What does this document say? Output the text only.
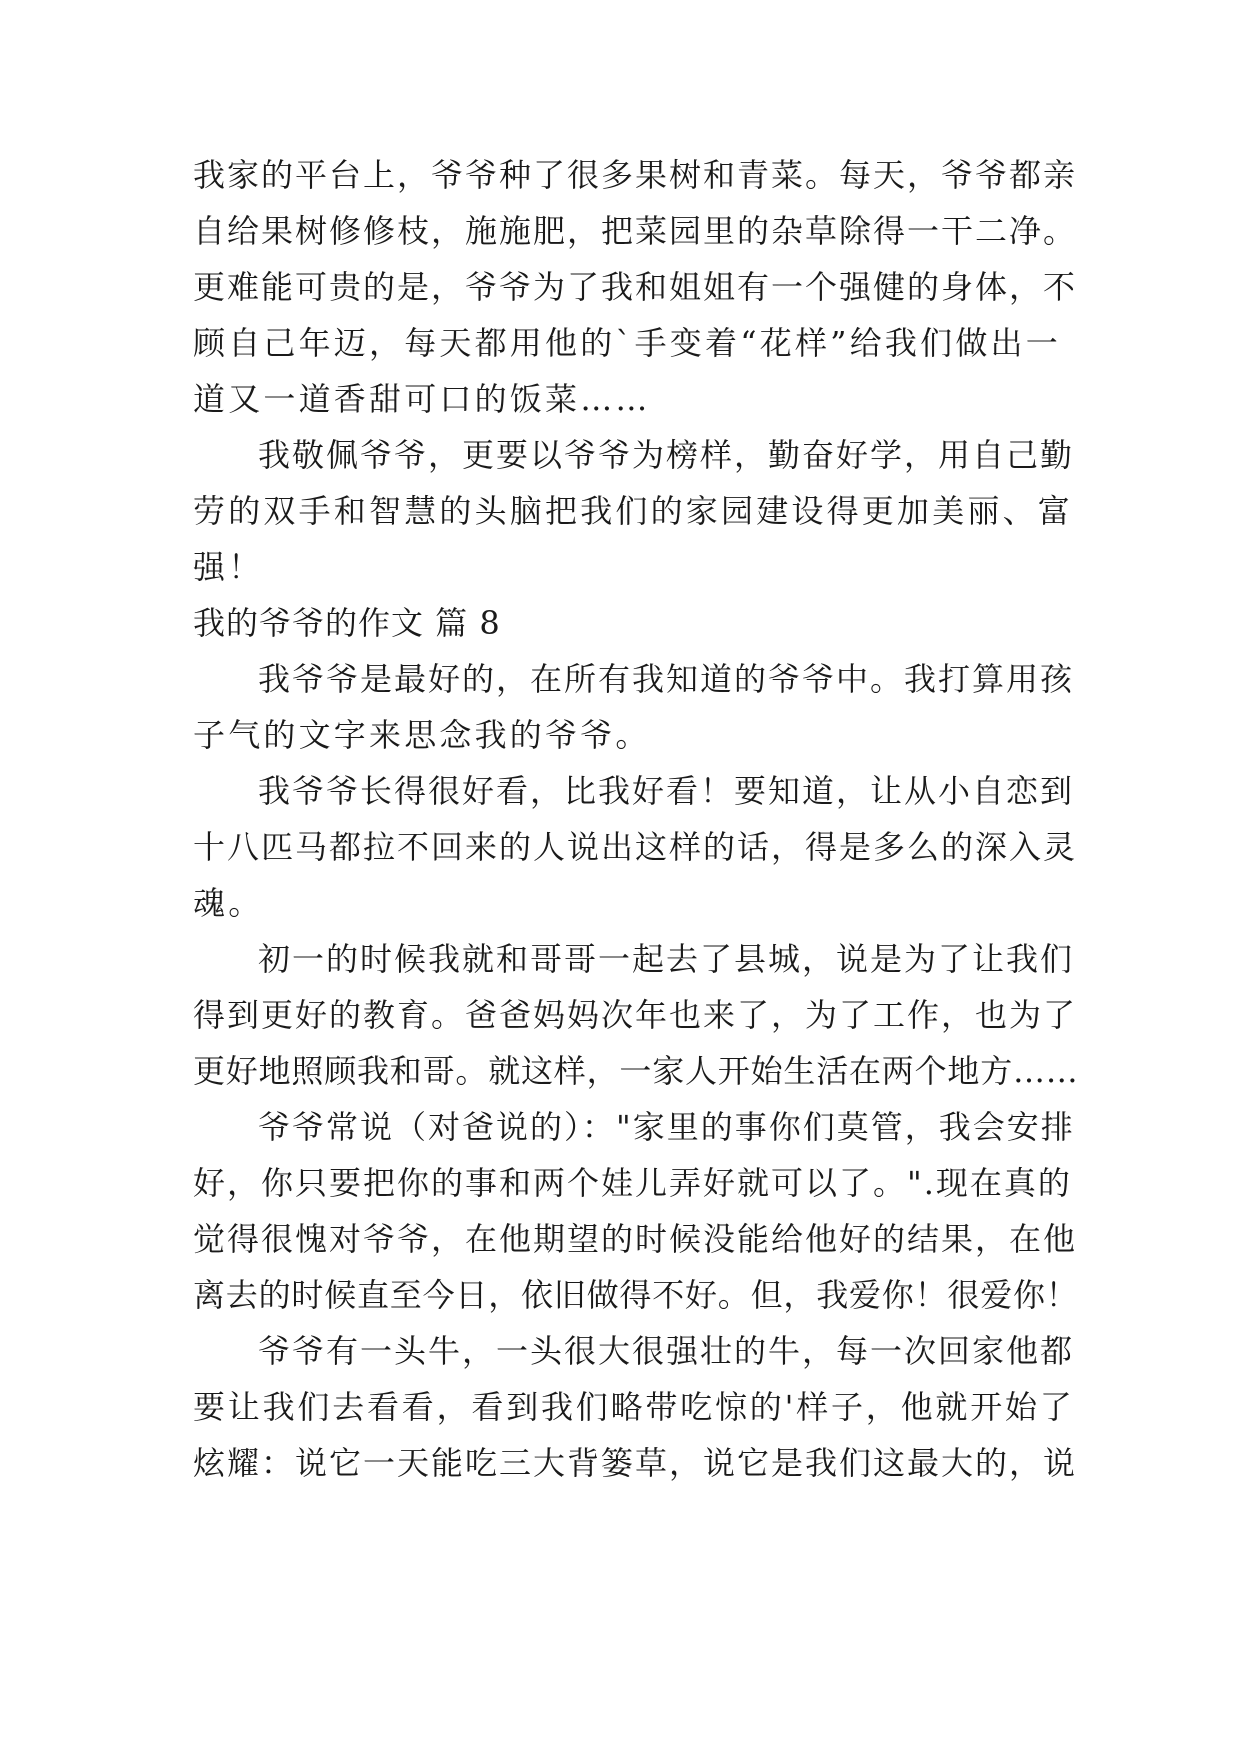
我家的平台上，爷爷种了很多果树和青菜。每天，爷爷都亲
自给果树修修枝，施施肥，把菜园里的杂草除得一干二净。
更难能可贵的是，爷爷为了我和姐姐有一个强健的身体，不
顾自己年迈，每天都用他的`手变着“花样”给我们做出一
道又一道香甜可口的饭菜……
我敬佩爷爷，更要以爷爷为榜样，勤奋好学，用自己勤
劳的双手和智慧的头脑把我们的家园建设得更加美丽、富
强！
我的爷爷的作文 篇 8
我爷爷是最好的，在所有我知道的爷爷中。我打算用孩
子气的文字来思念我的爷爷。
我爷爷长得很好看，比我好看！要知道，让从小自恋到
十八匹马都拉不回来的人说出这样的话，得是多么的深入灵
魂。
初一的时候我就和哥哥一起去了县城，说是为了让我们
得到更好的教育。爸爸妈妈次年也来了，为了工作，也为了
更好地照顾我和哥。就这样，一家人开始生活在两个地方……
爷爷常说（对爸说的）："家里的事你们莫管，我会安排
好，你只要把你的事和两个娃儿弄好就可以了。".现在真的
觉得很愧对爷爷，在他期望的时候没能给他好的结果，在他
离去的时候直至今日，依旧做得不好。但，我爱你！很爱你！
爷爷有一头牛，一头很大很强壮的牛，每一次回家他都
要让我们去看看，看到我们略带吃惊的'样子，他就开始了
炫耀：说它一天能吃三大背篓草，说它是我们这最大的，说
